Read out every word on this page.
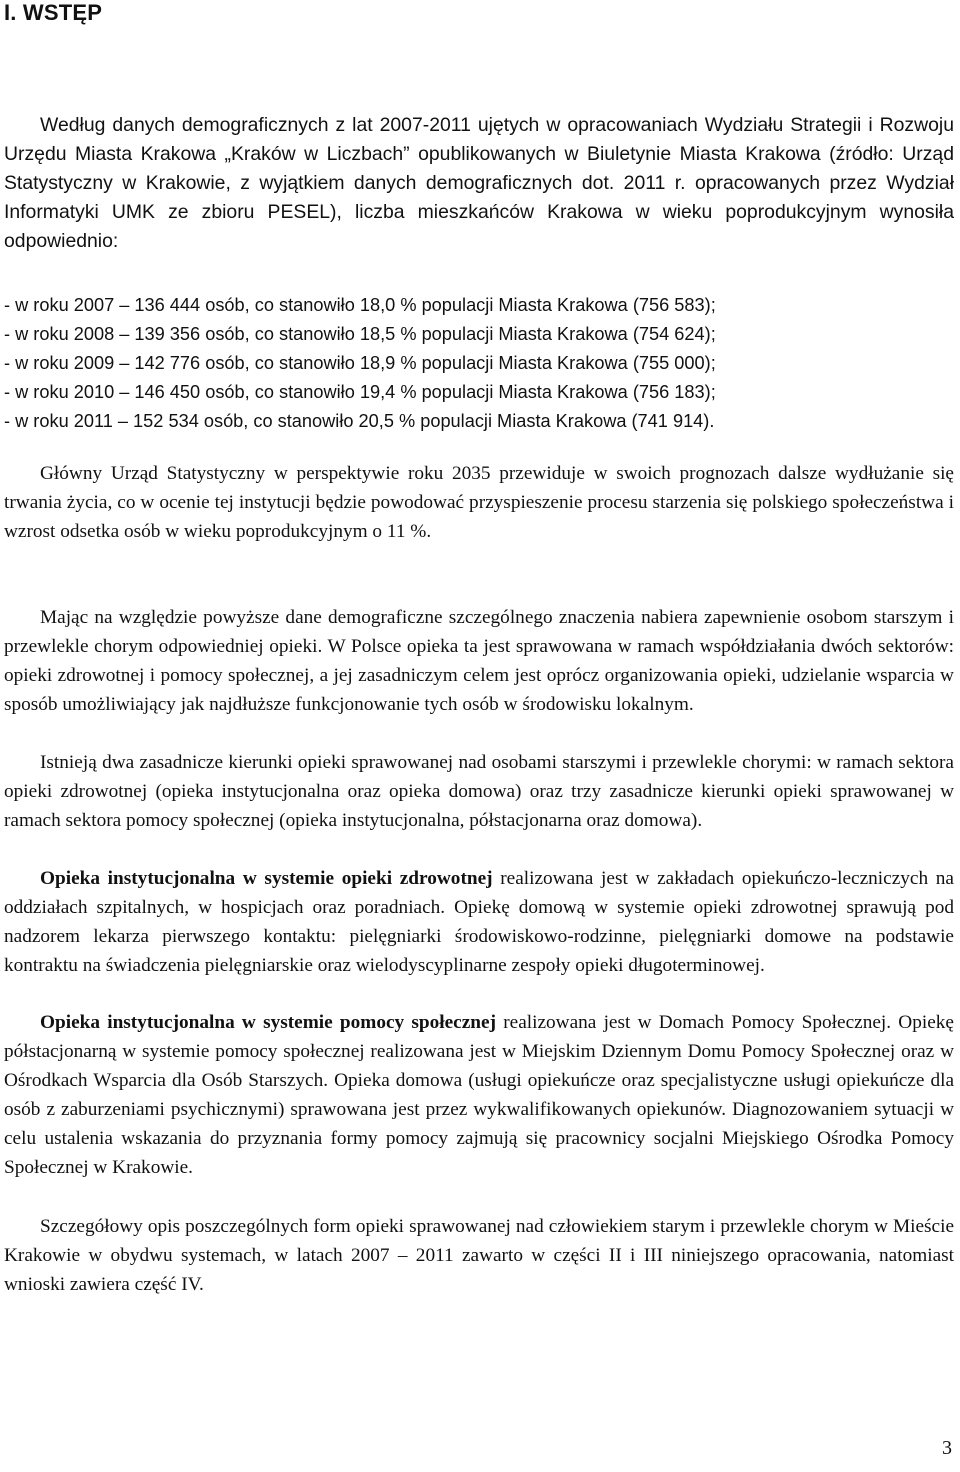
I. WSTĘP

Według danych demograficznych z lat 2007-2011 ujętych w opracowaniach Wydziału Strategii i Rozwoju Urzędu Miasta Krakowa „Kraków w Liczbach” opublikowanych w Biuletynie Miasta Krakowa (źródło: Urząd Statystyczny w Krakowie, z wyjątkiem danych demograficznych dot. 2011 r. opracowanych przez Wydział Informatyki UMK ze zbioru PESEL), liczba mieszkańców Krakowa w wieku poprodukcyjnym wynosiła odpowiednio:

- w roku 2007 – 136 444 osób, co stanowiło 18,0 % populacji Miasta Krakowa (756 583);
- w roku 2008 – 139 356 osób, co stanowiło 18,5 % populacji Miasta Krakowa (754 624);
- w roku 2009 – 142 776 osób, co stanowiło 18,9 % populacji Miasta Krakowa (755 000);
- w roku 2010 – 146 450 osób, co stanowiło 19,4 % populacji Miasta Krakowa (756 183);
- w roku 2011 – 152 534 osób, co stanowiło 20,5 % populacji Miasta Krakowa (741 914).

Główny Urząd Statystyczny w perspektywie roku 2035 przewiduje w swoich prognozach dalsze wydłużanie się trwania życia, co w ocenie tej instytucji będzie powodować przyspieszenie procesu starzenia się polskiego społeczeństwa i wzrost odsetka osób w wieku poprodukcyjnym o 11 %.

Mając na względzie powyższe dane demograficzne szczególnego znaczenia nabiera zapewnienie osobom starszym i przewlekle chorym odpowiedniej opieki. W Polsce opieka ta jest sprawowana w ramach współdziałania dwóch sektorów: opieki zdrowotnej i pomocy społecznej, a jej zasadniczym celem jest oprócz organizowania opieki, udzielanie wsparcia w sposób umożliwiający jak najdłuższe funkcjonowanie tych osób w środowisku lokalnym.

Istnieją dwa zasadnicze kierunki opieki sprawowanej nad osobami starszymi i przewlekle chorymi: w ramach sektora opieki zdrowotnej (opieka instytucjonalna oraz opieka domowa) oraz trzy zasadnicze kierunki opieki sprawowanej w ramach sektora pomocy społecznej (opieka instytucjonalna, półstacjonarna oraz domowa).

Opieka instytucjonalna w systemie opieki zdrowotnej realizowana jest w zakładach opiekuńczo-leczniczych na oddziałach szpitalnych, w hospicjach oraz poradniach. Opiekę domową w systemie opieki zdrowotnej sprawują pod nadzorem lekarza pierwszego kontaktu: pielęgniarki środowiskowo-rodzinne, pielęgniarki domowe na podstawie kontraktu na świadczenia pielęgniarskie oraz wielodyscyplinarne zespoły opieki długoterminowej.

Opieka instytucjonalna w systemie pomocy społecznej realizowana jest w Domach Pomocy Społecznej. Opiekę półstacjonarną w systemie pomocy społecznej realizowana jest w Miejskim Dziennym Domu Pomocy Społecznej oraz w Ośrodkach Wsparcia dla Osób Starszych. Opieka domowa (usługi opiekuńcze oraz specjalistyczne usługi opiekuńcze dla osób z zaburzeniami psychicznymi) sprawowana jest przez wykwalifikowanych opiekunów. Diagnozowaniem sytuacji w celu ustalenia wskazania do przyznania formy pomocy zajmują się pracownicy socjalni Miejskiego Ośrodka Pomocy Społecznej w Krakowie.

Szczegółowy opis poszczególnych form opieki sprawowanej nad człowiekiem starym i przewlekle chorym w Mieście Krakowie w obydwu systemach, w latach 2007 – 2011 zawarto w części II i III niniejszego opracowania, natomiast wnioski zawiera część IV.

3
